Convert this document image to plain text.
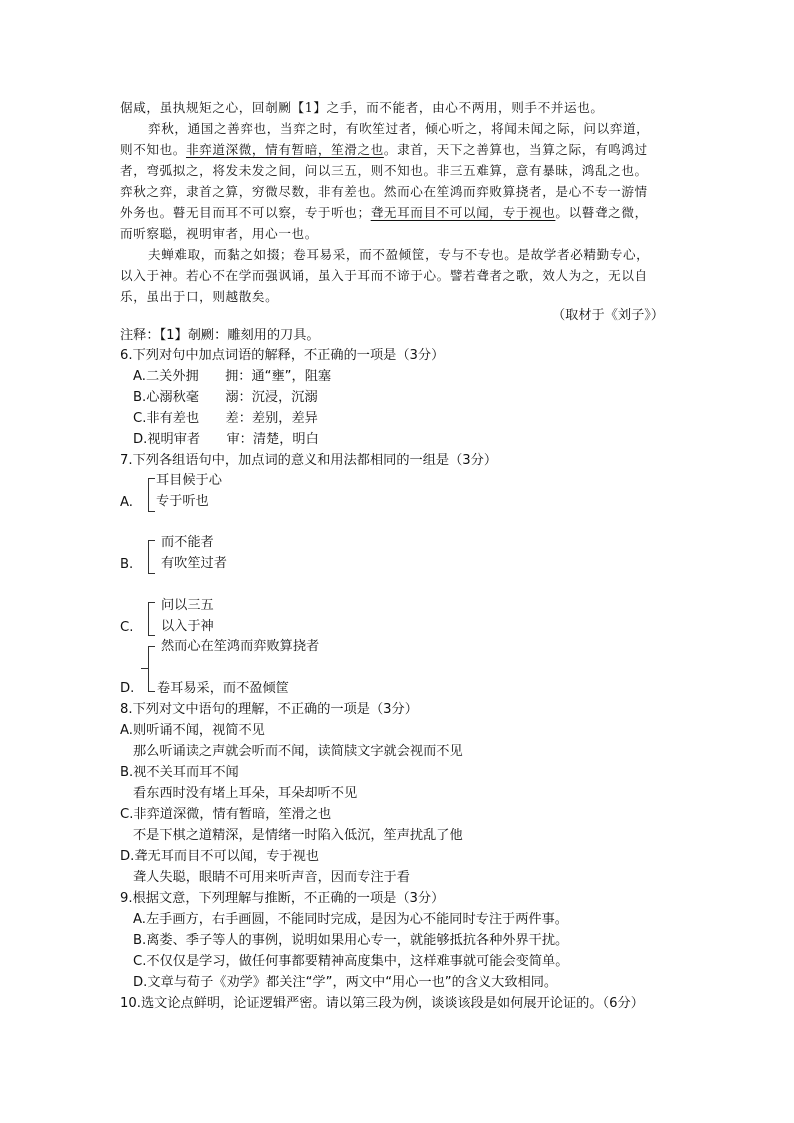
倨咸，虽执规矩之心，回剞劂【1】之手，而不能者，由心不两用，则手不并运也。
弈秋，通国之善弈也，当弈之时，有吹笙过者，倾心听之，将闻未闻之际，问以弈道，
则不知也。非弈道深微，情有暂暗，笙滑之也。隶首，天下之善算也，当算之际，有鸣鸿过
者，弯弧拟之，将发未发之间，问以三五，则不知也。非三五难算，意有暴昧，鸿乱之也。
弈秋之弈，隶首之算，穷微尽数，非有差也。然而心在笙鸿而弈败算挠者，是心不专一游情
外务也。瞽无目而耳不可以察，专于听也；聋无耳而目不可以闻，专于视也。以瞽聋之微，
而听察聪，视明审者，用心一也。
夫蝉难取，而黏之如掇；卷耳易采，而不盈倾筐，专与不专也。是故学者必精勤专心，
以入于神。若心不在学而强讽诵，虽入于耳而不谛于心。譬若聋者之歌，效人为之，无以自
乐，虽出于口，则越散矣。
（取材于《刘子》）
注释：【1】剞劂：雕刻用的刀具。
6.下列对句中加点词语的解释，不正确的一项是（3分）
A.二关外拥　　拥：通“壅”，阻塞
B.心溺秋毫　　溺：沉浸，沉溺
C.非有差也　　差：差别，差异
D.视明审者　　审：清楚，明白
7.下列各组语句中，加点词的意义和用法都相同的一组是（3分）
A.
耳目候于心
专于听也
B.
而不能者
有吹笙过者
C.
问以三五
以入于神
D.
然而心在笙鸿而弈败算挠者
卷耳易采，而不盈倾筐
8.下列对文中语句的理解，不正确的一项是（3分）
A.则听诵不闻，视简不见
那么听诵读之声就会听而不闻，读简牍文字就会视而不见
B.视不关耳而耳不闻
看东西时没有堵上耳朵，耳朵却听不见
C.非弈道深微，情有暂暗，笙滑之也
不是下棋之道精深，是情绪一时陷入低沉，笙声扰乱了他
D.聋无耳而目不可以闻，专于视也
聋人失聪，眼睛不可用来听声音，因而专注于看
9.根据文意，下列理解与推断，不正确的一项是（3分）
A.左手画方，右手画圆，不能同时完成，是因为心不能同时专注于两件事。
B.离娄、季子等人的事例，说明如果用心专一，就能够抵抗各种外界干扰。
C.不仅仅是学习，做任何事都要精神高度集中，这样难事就可能会变简单。
D.文章与荀子《劝学》都关注“学”，两文中“用心一也”的含义大致相同。
10.选文论点鲜明，论证逻辑严密。请以第三段为例，谈谈该段是如何展开论证的。（6分）
